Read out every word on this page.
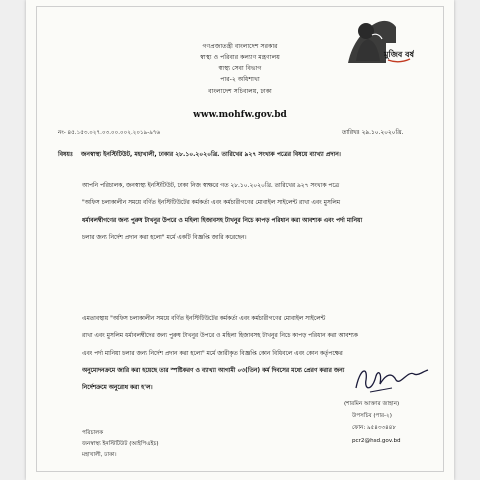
মুজিব বর্ষ
গণপ্রজাতন্ত্রী বাংলাদেশ সরকার
স্বাস্থ্য ও পরিবার কল্যাণ মন্ত্রণালয়
স্বাস্থ্য সেবা বিভাগ
পার-২ অধিশাখা
বাংলাদেশ সচিবালয়, ঢাকা
www.mohfw.gov.bd
নং- ৪৫.১৫৩.০২৭.০৩.০০.০০২.২০১৯-৯৭৬	তারিখঃ ২৯.১০.২০২০খ্রি.
বিষয়ঃ জনস্বাস্থ্য ইনস্টিটিউট, মহাখালী, ঢাকার ২৮.১০.২০২০খ্রি. তারিখের ৯২৭ সংখ্যক পত্রের বিষয়ে ব্যাখ্যা প্রদান।

আপনি পরিচালক, জনস্বাস্থ্য ইনস্টিটিউট, ঢাকা নিজ স্বাক্ষরে গত ২৮.১০.২০২০খ্রি. তারিখের ৯২৭ সংখ্যক পত্রে

"অফিস চলাকালীন সময়ে বর্ণিত ইনস্টিটিউটের কর্মকর্তা এবং কর্মচারীগণের মোবাইল সাইলেন্ট রাখা এবং মুসলিম

ধর্মাবলম্বীগণের জন্য পুরুষ টাখনুর উপরে ও মহিলা হিজাবসহ টাখনুর নিচে কাপড় পরিধান করা আবশ্যক এবং পর্দা মানিয়া

চলার জন্য নির্দেশ প্রদান করা হলো" মর্মে একটি বিজ্ঞপ্তি জারি করেছেন।

এমতাবস্থায় "অফিস চলাকালীন সময়ে বর্ণিত ইনস্টিটিউটের কর্মকর্তা এবং কর্মচারীগণের মোবাইল সাইলেন্ট

রাখা এবং মুসলিম ধর্মাবলম্বীদের জন্য পুরুষ টাখনুর উপরে ও মহিলা হিজাবসহ টাখনুর নিচে কাপড় পরিধান করা আবশ্যক

এবং পর্দা মানিয়া চলার জন্য নির্দেশ প্রদান করা হলো" মর্মে জারীকৃত বিজ্ঞপ্তি কোন বিধিবলে এবং কোন কর্তৃপক্ষের

অনুমোদনক্রমে জারি করা হয়েছে তার স্পষ্টিকরণ ও ব্যাখ্যা আগামী ০৩(তিন) কর্ম দিবসের মধ্যে প্রেরণ করার জন্য

নির্দেশক্রমে অনুরোধ করা হ'ল।

(শারমিন আক্তার জাহান)
উপসচিব (পার-২)
ফোন: ৯৫৪৩৩৪৪৮
pcr2@hsd.gov.bd
পরিচালক
জনস্বাস্থ্য ইনস্টিটিউট (আইপিএইচ)
মহাখালী, ঢাকা।
